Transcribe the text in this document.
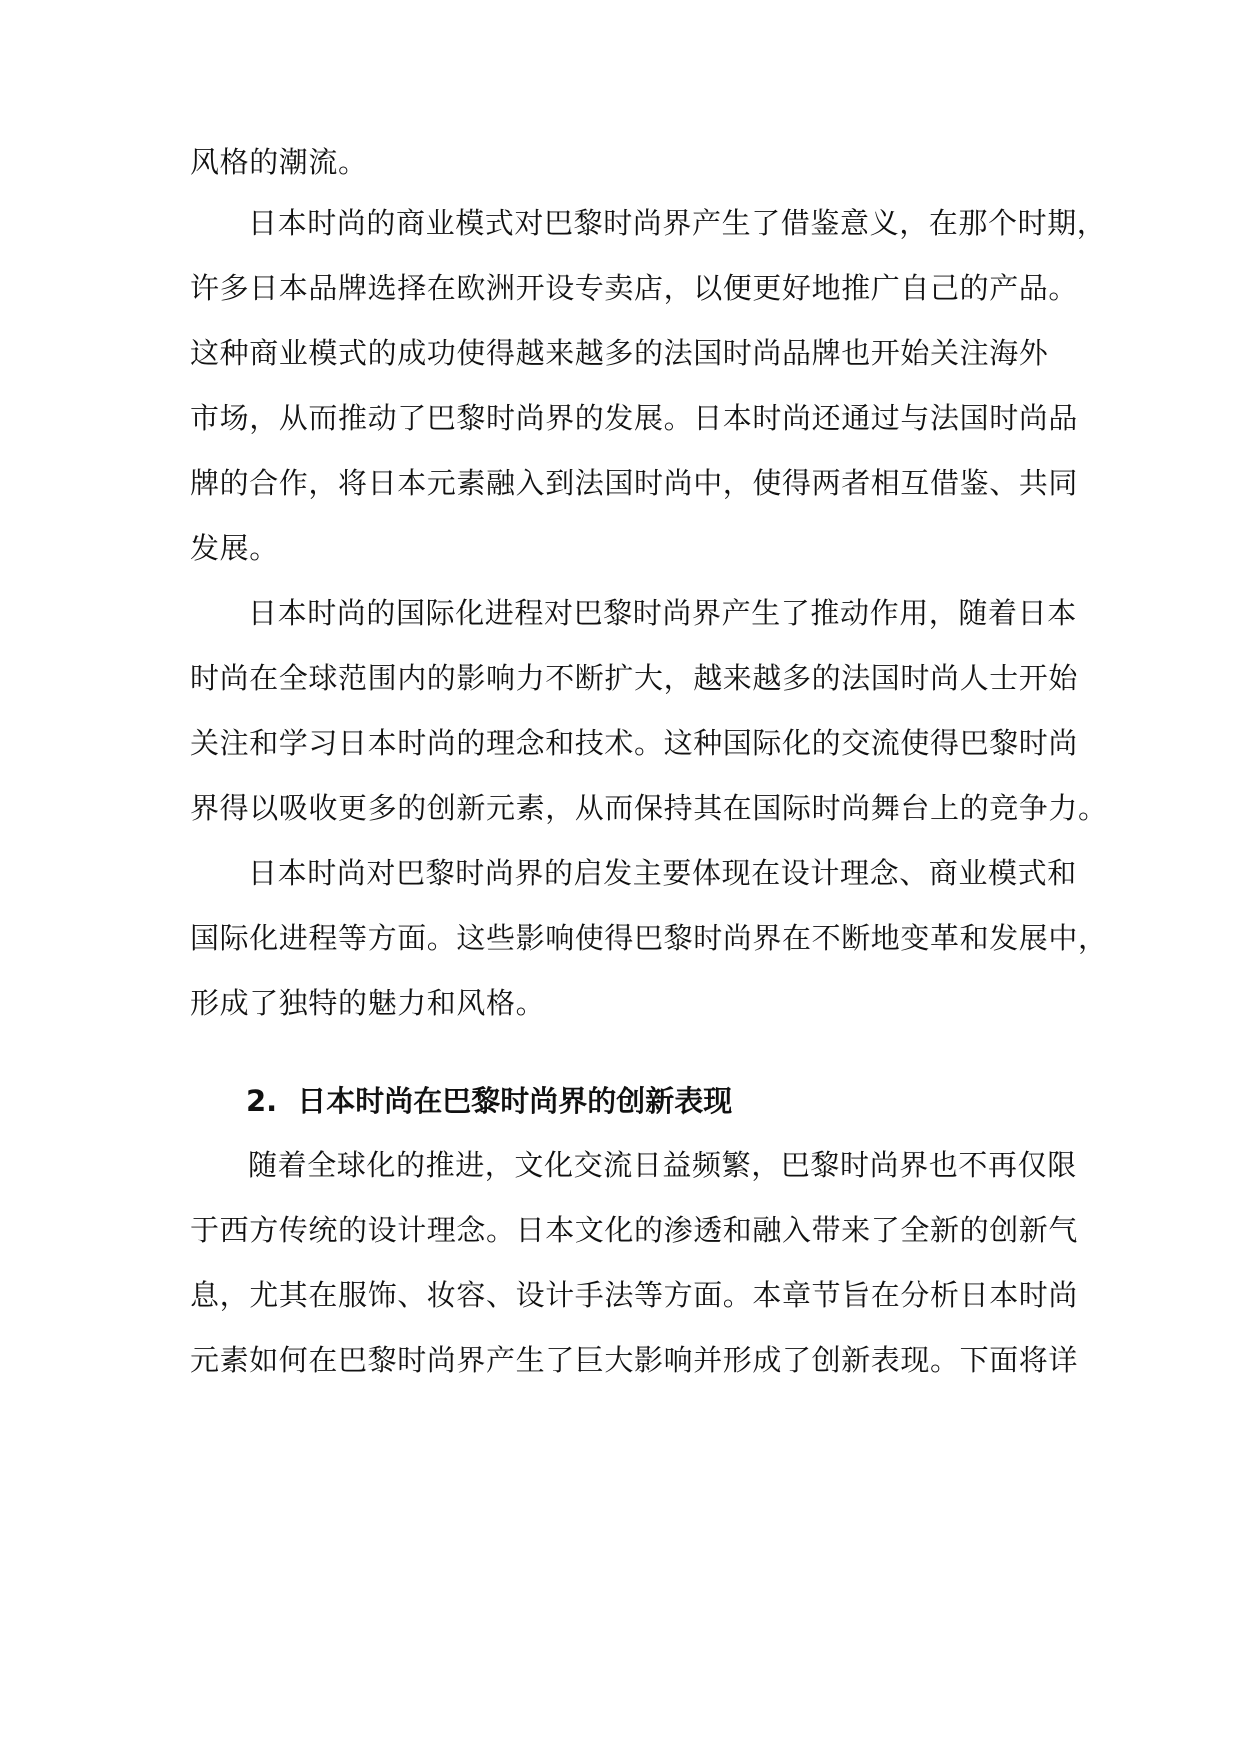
风格的潮流。
日本时尚的商业模式对巴黎时尚界产生了借鉴意义，在那个时期，
许多日本品牌选择在欧洲开设专卖店，以便更好地推广自己的产品。
这种商业模式的成功使得越来越多的法国时尚品牌也开始关注海外
市场，从而推动了巴黎时尚界的发展。日本时尚还通过与法国时尚品
牌的合作，将日本元素融入到法国时尚中，使得两者相互借鉴、共同
发展。
日本时尚的国际化进程对巴黎时尚界产生了推动作用，随着日本
时尚在全球范围内的影响力不断扩大，越来越多的法国时尚人士开始
关注和学习日本时尚的理念和技术。这种国际化的交流使得巴黎时尚
界得以吸收更多的创新元素，从而保持其在国际时尚舞台上的竞争力。
日本时尚对巴黎时尚界的启发主要体现在设计理念、商业模式和
国际化进程等方面。这些影响使得巴黎时尚界在不断地变革和发展中，
形成了独特的魅力和风格。
2. 日本时尚在巴黎时尚界的创新表现
随着全球化的推进，文化交流日益频繁，巴黎时尚界也不再仅限
于西方传统的设计理念。日本文化的渗透和融入带来了全新的创新气
息，尤其在服饰、妆容、设计手法等方面。本章节旨在分析日本时尚
元素如何在巴黎时尚界产生了巨大影响并形成了创新表现。下面将详
